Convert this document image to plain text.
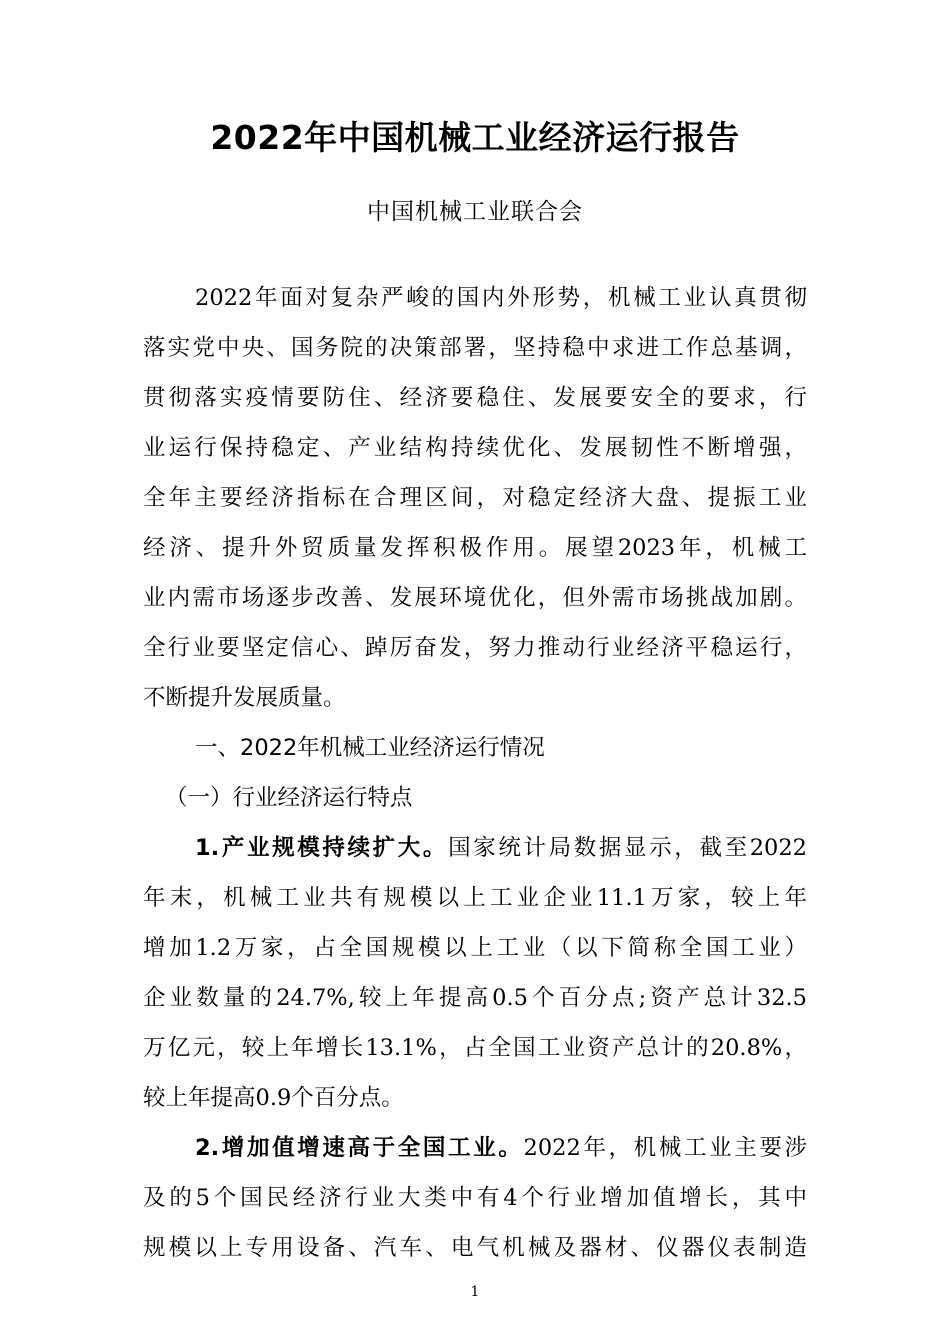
2022年中国机械工业经济运行报告
中国机械工业联合会
2022年面对复杂严峻的国内外形势，机械工业认真贯彻
落实党中央、国务院的决策部署，坚持稳中求进工作总基调，
贯彻落实疫情要防住、经济要稳住、发展要安全的要求，行
业运行保持稳定、产业结构持续优化、发展韧性不断增强，
全年主要经济指标在合理区间，对稳定经济大盘、提振工业
经济、提升外贸质量发挥积极作用。展望2023年，机械工
业内需市场逐步改善、发展环境优化，但外需市场挑战加剧。
全行业要坚定信心、踔厉奋发，努力推动行业经济平稳运行，
不断提升发展质量。
一、2022年机械工业经济运行情况
（一）行业经济运行特点
1.产业规模持续扩大。国家统计局数据显示，截至2022
年末，机械工业共有规模以上工业企业11.1万家，较上年
增加1.2万家，占全国规模以上工业（以下简称全国工业）
企业数量的24.7%,较上年提高0.5个百分点;资产总计32.5
万亿元，较上年增长13.1%，占全国工业资产总计的20.8%，
较上年提高0.9个百分点。
2.增加值增速高于全国工业。2022年，机械工业主要涉
及的5个国民经济行业大类中有4个行业增加值增长，其中
规模以上专用设备、汽车、电气机械及器材、仪器仪表制造
1
